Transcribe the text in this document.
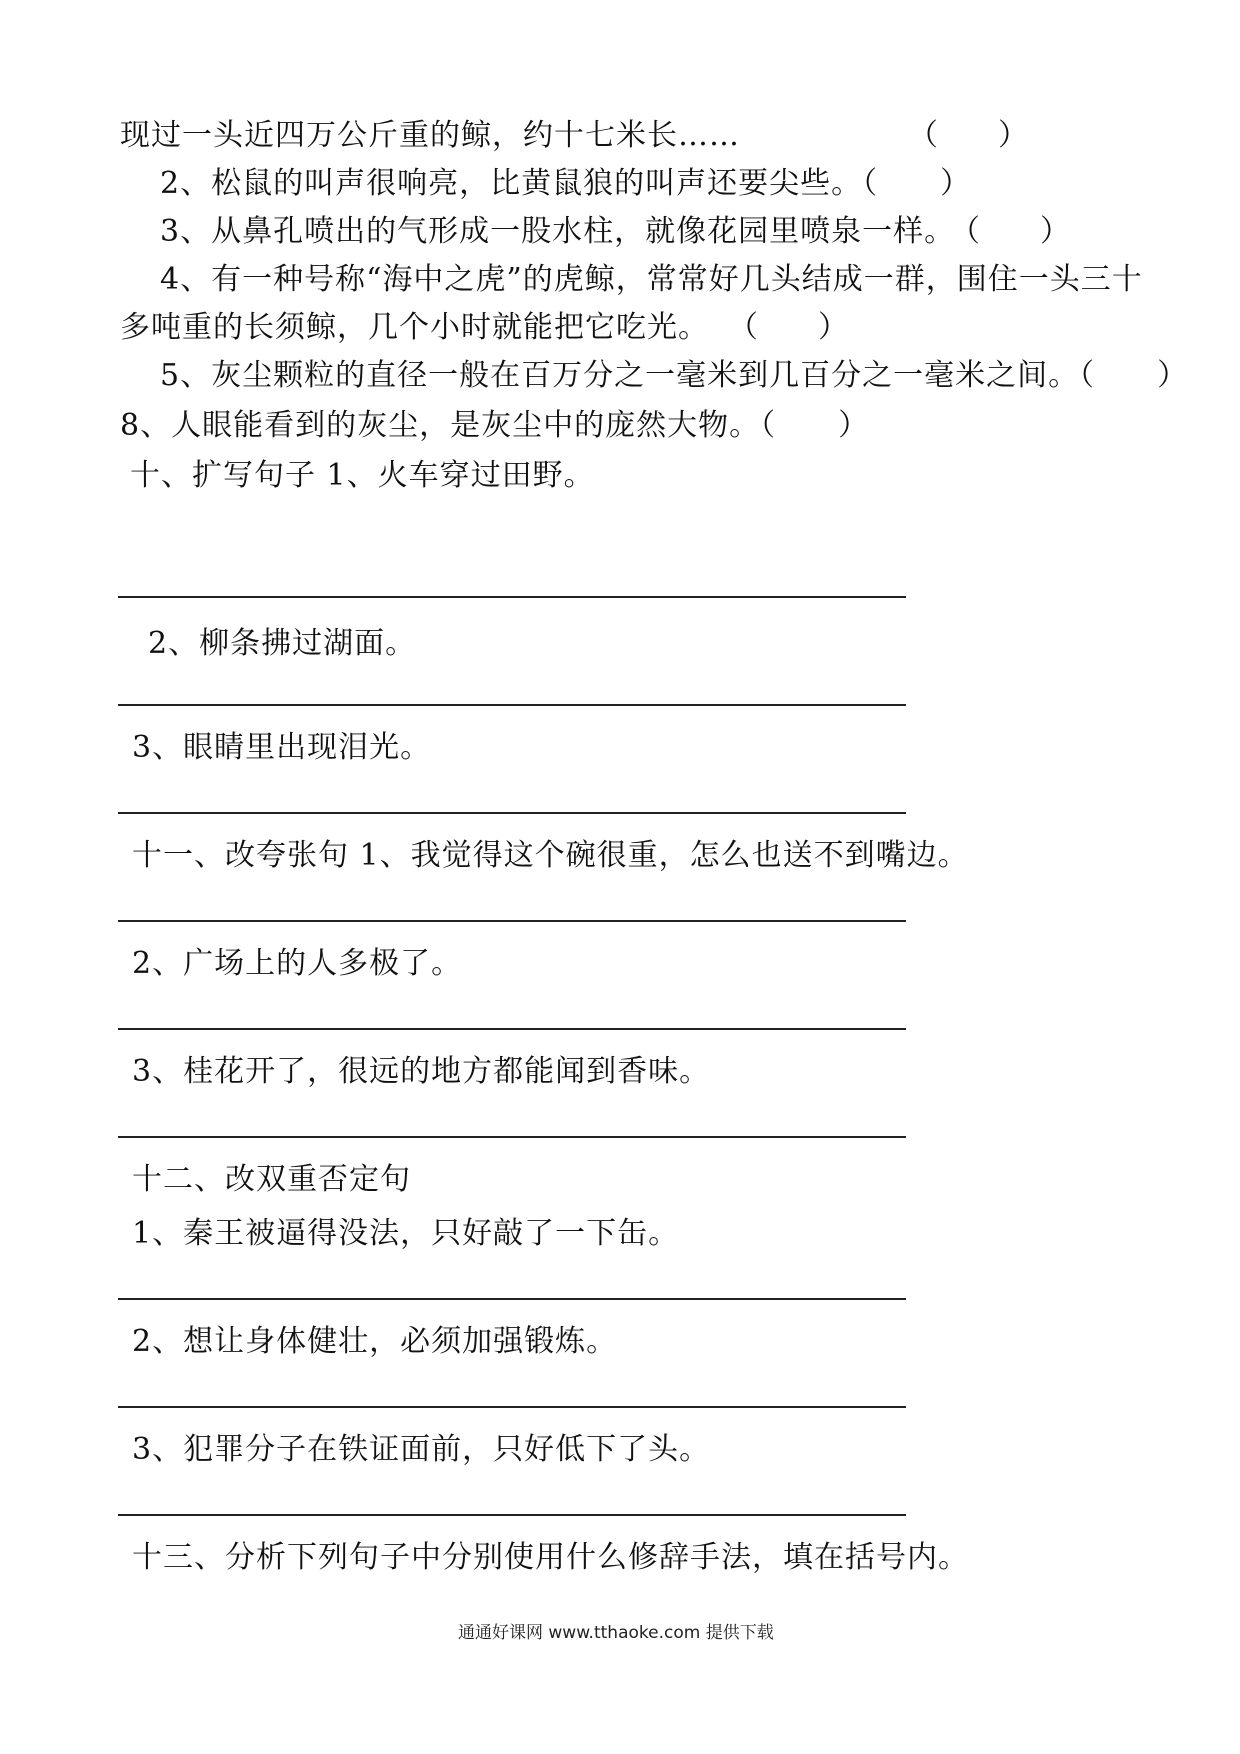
现过一头近四万公斤重的鲸，约十七米长……	（　　）
2、松鼠的叫声很响亮，比黄鼠狼的叫声还要尖些。（　　）
3、从鼻孔喷出的气形成一股水柱，就像花园里喷泉一样。
（　　）
4、有一种号称“海中之虎”的虎鲸，常常好几头结成一群，围住一头三十
多吨重的长须鲸，几个小时就能把它吃光。 （　　）
5、灰尘颗粒的直径一般在百万分之一毫米到几百分之一毫米之间。（　　）
8、人眼能看到的灰尘，是灰尘中的庞然大物。（　　）
十、扩写句子 1、火车穿过田野。
2、柳条拂过湖面。
3、眼睛里出现泪光。
十一、改夸张句 1、我觉得这个碗很重，怎么也送不到嘴边。
2、广场上的人多极了。
3、桂花开了，很远的地方都能闻到香味。
十二、改双重否定句
1、秦王被逼得没法，只好敲了一下缶。
2、想让身体健壮，必须加强锻炼。
3、犯罪分子在铁证面前，只好低下了头。
十三、分析下列句子中分别使用什么修辞手法，填在括号内。
通通好课网 www.tthaoke.com 提供下载
